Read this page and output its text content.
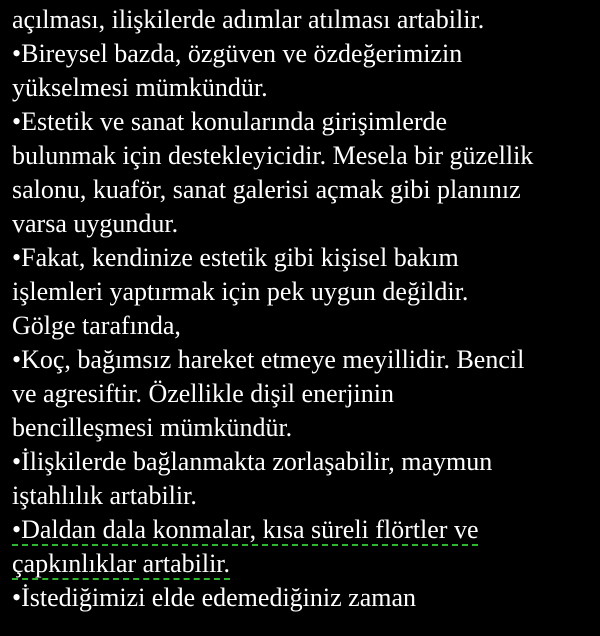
açılması, ilişkilerde adımlar atılması artabilir.
•Bireysel bazda, özgüven ve özdeğerimizin
yükselmesi mümkündür.
•Estetik ve sanat konularında girişimlerde
bulunmak için destekleyicidir. Mesela bir güzellik
salonu, kuaför, sanat galerisi açmak gibi planınız
varsa uygundur.
•Fakat, kendinize estetik gibi kişisel bakım
işlemleri yaptırmak için pek uygun değildir.
Gölge tarafında,
•Koç, bağımsız hareket etmeye meyillidir. Bencil
ve agresiftir. Özellikle dişil enerjinin
bencilleşmesi mümkündür.
•İlişkilerde bağlanmakta zorlaşabilir, maymun
iştahlılık artabilir.
•Daldan dala konmalar, kısa süreli flörtler ve
çapkınlıklar artabilir.
•İstediğimizi elde edemediğiniz zaman
